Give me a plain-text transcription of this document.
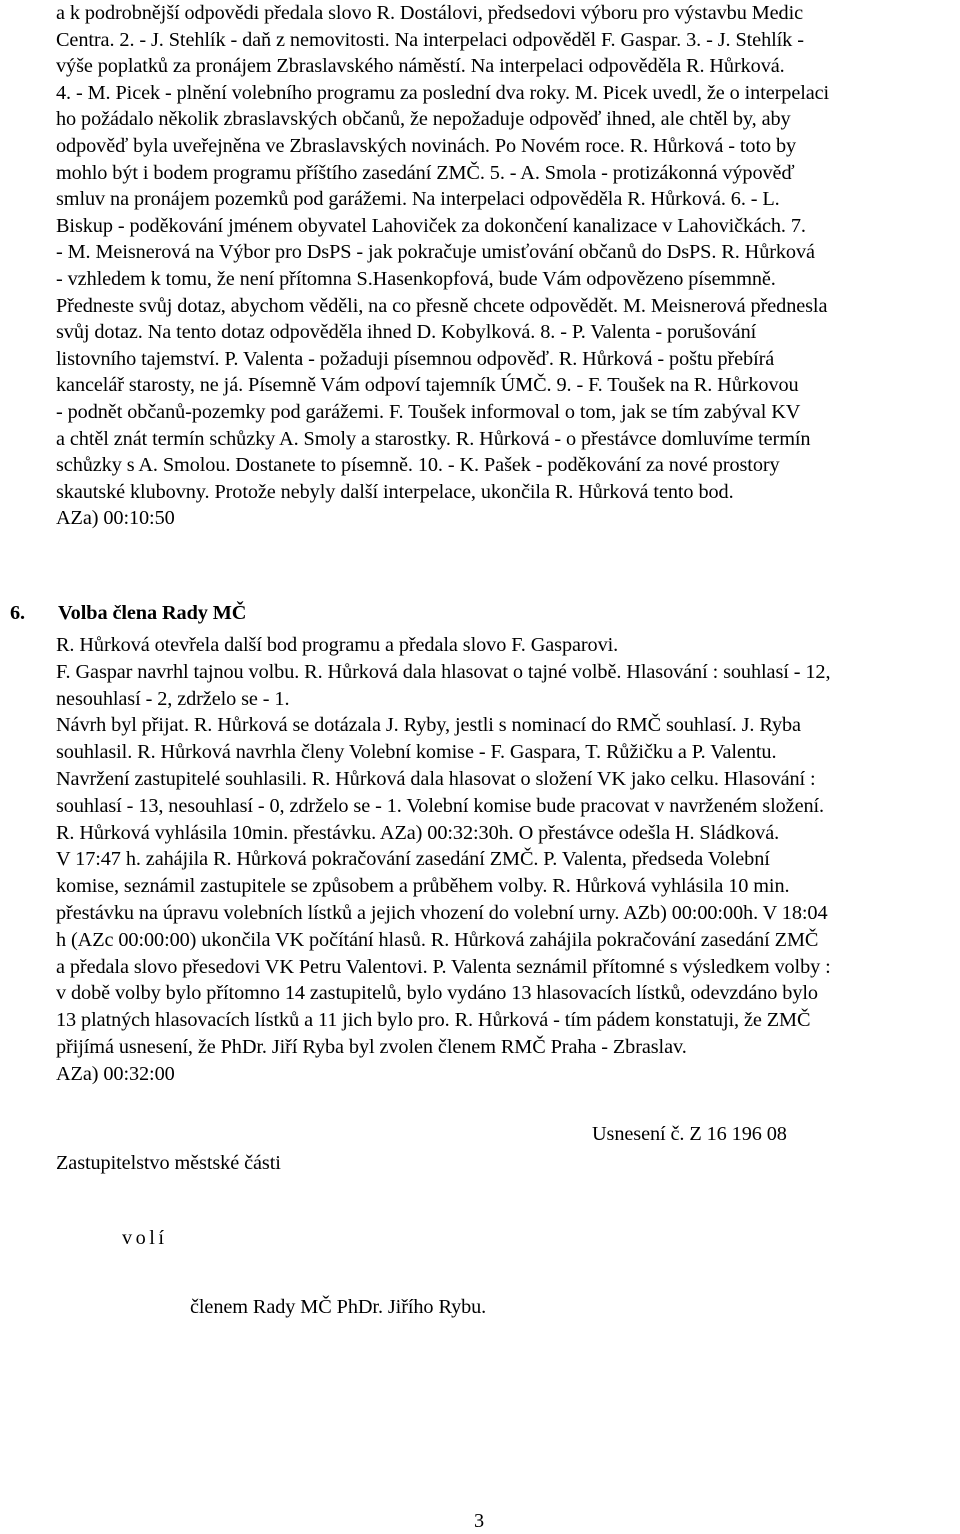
a k podrobnější odpovědi předala slovo R. Dostálovi, předsedovi výboru pro výstavbu Medic
Centra. 2. - J. Stehlík - daň z nemovitosti. Na interpelaci odpověděl F. Gaspar. 3. - J. Stehlík -
výše poplatků za pronájem Zbraslavského náměstí. Na interpelaci odpověděla R. Hůrková.
4. - M. Picek - plnění volebního programu za poslední dva roky. M. Picek uvedl, že o interpelaci
ho požádalo několik zbraslavských občanů, že nepožaduje odpověď ihned, ale chtěl by, aby
odpověď byla uveřejněna ve Zbraslavských novinách. Po Novém roce. R. Hůrková - toto by
mohlo být i bodem programu příštího zasedání ZMČ. 5. - A. Smola - protizákonná výpověď
smluv na pronájem pozemků pod garážemi. Na interpelaci odpověděla R. Hůrková. 6. - L.
Biskup - poděkování jménem obyvatel Lahoviček za dokončení kanalizace v Lahovičkách. 7.
- M. Meisnerová na Výbor pro DsPS - jak pokračuje umisťování občanů do DsPS. R. Hůrková
- vzhledem k tomu, že není přítomna S.Hasenkopfová, bude Vám odpovězeno písemmně.
Předneste svůj dotaz, abychom věděli, na co přesně chcete odpovědět. M. Meisnerová přednesla
svůj dotaz. Na tento dotaz odpověděla ihned D. Kobylková. 8. - P. Valenta - porušování
listovního tajemství. P. Valenta - požaduji písemnou odpověď. R. Hůrková - poštu přebírá
kancelář starosty, ne já. Písemně Vám odpoví tajemník ÚMČ. 9. - F. Toušek na R. Hůrkovou
- podnět občanů-pozemky pod garážemi. F. Toušek informoval o tom, jak se tím zabýval KV
a chtěl znát termín schůzky A. Smoly a starostky. R. Hůrková - o přestávce domluvíme termín
schůzky s A. Smolou. Dostanete to písemně. 10. - K. Pašek - poděkování za nové prostory
skautské klubovny. Protože nebyly další interpelace, ukončila R. Hůrková tento bod.
AZa) 00:10:50
6. Volba člena Rady MČ
R. Hůrková otevřela další bod programu a předala slovo F. Gasparovi.
F. Gaspar navrhl tajnou volbu. R. Hůrková dala hlasovat o tajné volbě. Hlasování : souhlasí - 12,
nesouhlasí - 2, zdrželo se - 1.
Návrh byl přijat. R. Hůrková se dotázala J. Ryby, jestli s nominací do RMČ souhlasí. J. Ryba
souhlasil. R. Hůrková navrhla členy Volební komise - F. Gaspara, T. Růžičku a P. Valentu.
Navržení zastupitelé souhlasili. R. Hůrková dala hlasovat o složení VK jako celku. Hlasování :
souhlasí - 13, nesouhlasí - 0, zdrželo se - 1. Volební komise bude pracovat v navrženém složení.
R. Hůrková vyhlásila 10min. přestávku. AZa) 00:32:30h. O přestávce odešla H. Sládková.
V 17:47 h. zahájila R. Hůrková pokračování zasedání ZMČ. P. Valenta, předseda Volební
komise, seznámil zastupitele se způsobem a průběhem volby. R. Hůrková vyhlásila 10 min.
přestávku na úpravu volebních lístků a jejich vhození do volební urny. AZb) 00:00:00h. V 18:04
h (AZc 00:00:00) ukončila VK počítání hlasů. R. Hůrková zahájila pokračování zasedání ZMČ
a předala slovo přesedovi VK Petru Valentovi. P. Valenta seznámil přítomné s výsledkem volby :
v době volby bylo přítomno 14 zastupitelů, bylo vydáno 13 hlasovacích lístků, odevzdáno bylo
13 platných hlasovacích lístků a 11 jich bylo pro. R. Hůrková - tím pádem konstatuji, že ZMČ
přijímá usnesení, že PhDr. Jiří Ryba byl zvolen členem RMČ Praha - Zbraslav.
AZa) 00:32:00
Usnesení č. Z 16 196 08
Zastupitelstvo městské části
volí
členem Rady MČ PhDr. Jiřího Rybu.
3
